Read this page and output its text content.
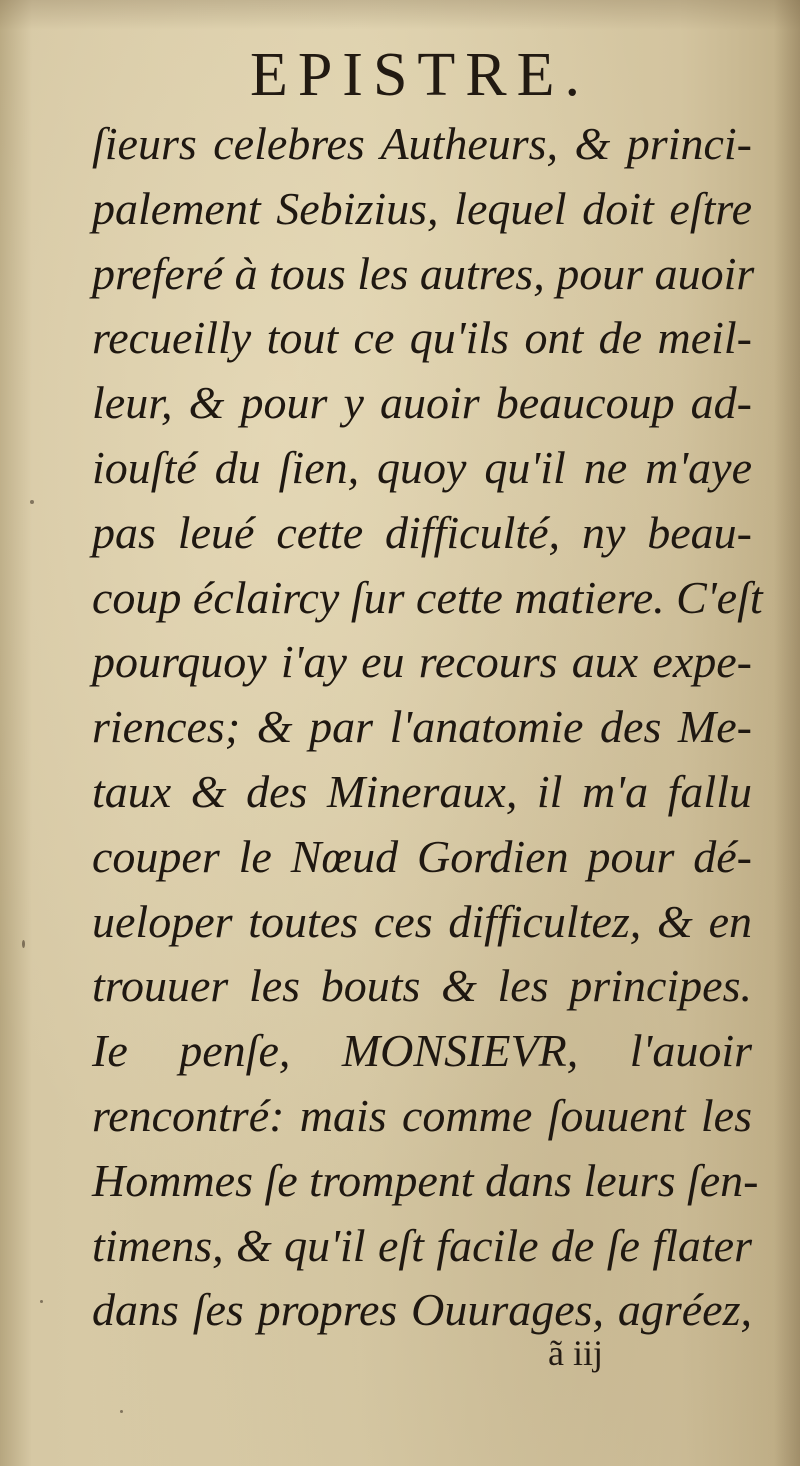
EPISTRE.
ſieurs celebres Autheurs, & princi-
palement Sebizius, lequel doit eſtre
preferé à tous les autres, pour auoir
recueilly tout ce qu'ils ont de meil-
leur, & pour y auoir beaucoup ad-
iouſté du ſien, quoy qu'il ne m'aye
pas leué cette difficulté, ny beau-
coup éclaircy ſur cette matiere. C'eſt
pourquoy i'ay eu recours aux expe-
riences; & par l'anatomie des Me-
taux & des Mineraux, il m'a fallu
couper le Nœud Gordien pour dé-
ueloper toutes ces difficultez, & en
trouuer les bouts & les principes.
Ie penſe, MONSIEVR, l'auoir
rencontré: mais comme ſouuent les
Hommes ſe trompent dans leurs ſen-
timens, & qu'il eſt facile de ſe flater
dans ſes propres Ouurages, agréez,
ã iij
